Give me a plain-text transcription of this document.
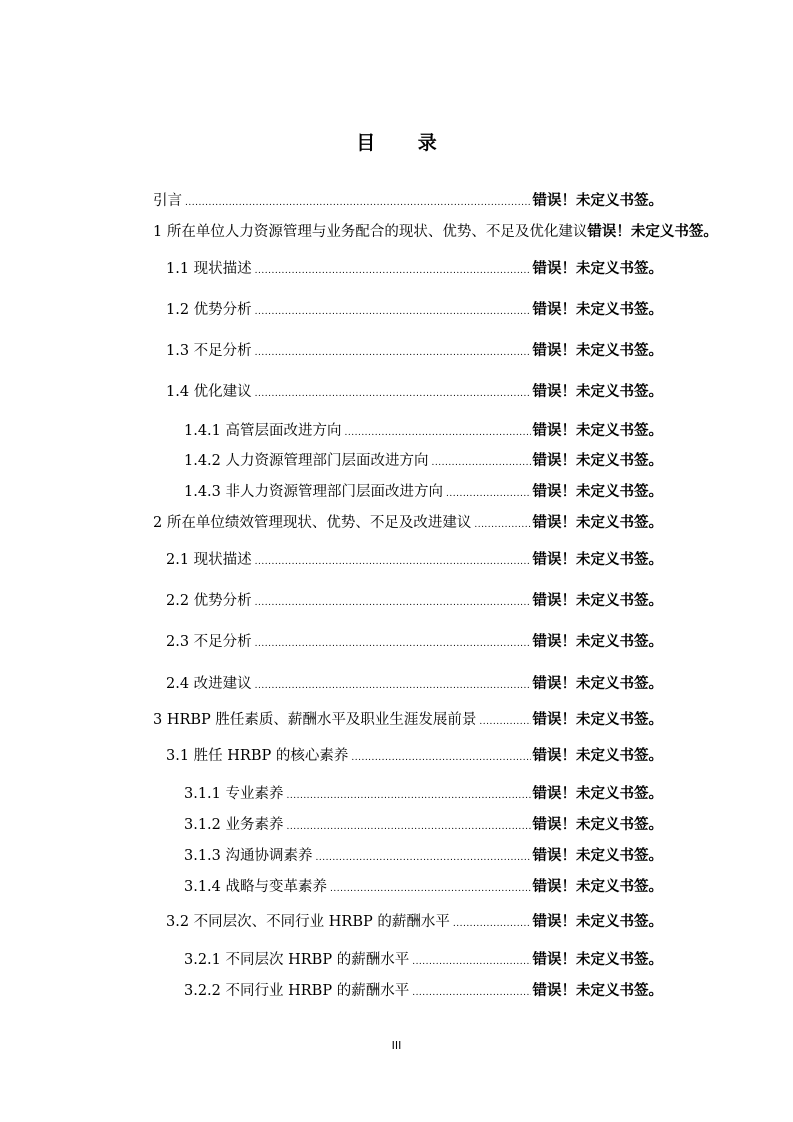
目 录
引言 .....	错误！未定义书签。
1 所在单位人力资源管理与业务配合的现状、优势、不足及优化建议 错误！未定义书签。
1.1 现状描述 .....	错误！未定义书签。
1.2 优势分析 .....	错误！未定义书签。
1.3 不足分析 .....	错误！未定义书签。
1.4 优化建议 .....	错误！未定义书签。
1.4.1 高管层面改进方向 .....	错误！未定义书签。
1.4.2 人力资源管理部门层面改进方向 .....	错误！未定义书签。
1.4.3 非人力资源管理部门层面改进方向 .....	错误！未定义书签。
2 所在单位绩效管理现状、优势、不足及改进建议 .....	错误！未定义书签。
2.1 现状描述 .....	错误！未定义书签。
2.2 优势分析 .....	错误！未定义书签。
2.3 不足分析 .....	错误！未定义书签。
2.4 改进建议 .....	错误！未定义书签。
3 HRBP 胜任素质、薪酬水平及职业生涯发展前景 .....	错误！未定义书签。
3.1 胜任 HRBP 的核心素养 .....	错误！未定义书签。
3.1.1 专业素养 .....	错误！未定义书签。
3.1.2 业务素养 .....	错误！未定义书签。
3.1.3 沟通协调素养 .....	错误！未定义书签。
3.1.4 战略与变革素养 .....	错误！未定义书签。
3.2 不同层次、不同行业 HRBP 的薪酬水平 .....	错误！未定义书签。
3.2.1 不同层次 HRBP 的薪酬水平 .....	错误！未定义书签。
3.2.2 不同行业 HRBP 的薪酬水平 .....	错误！未定义书签。
III
